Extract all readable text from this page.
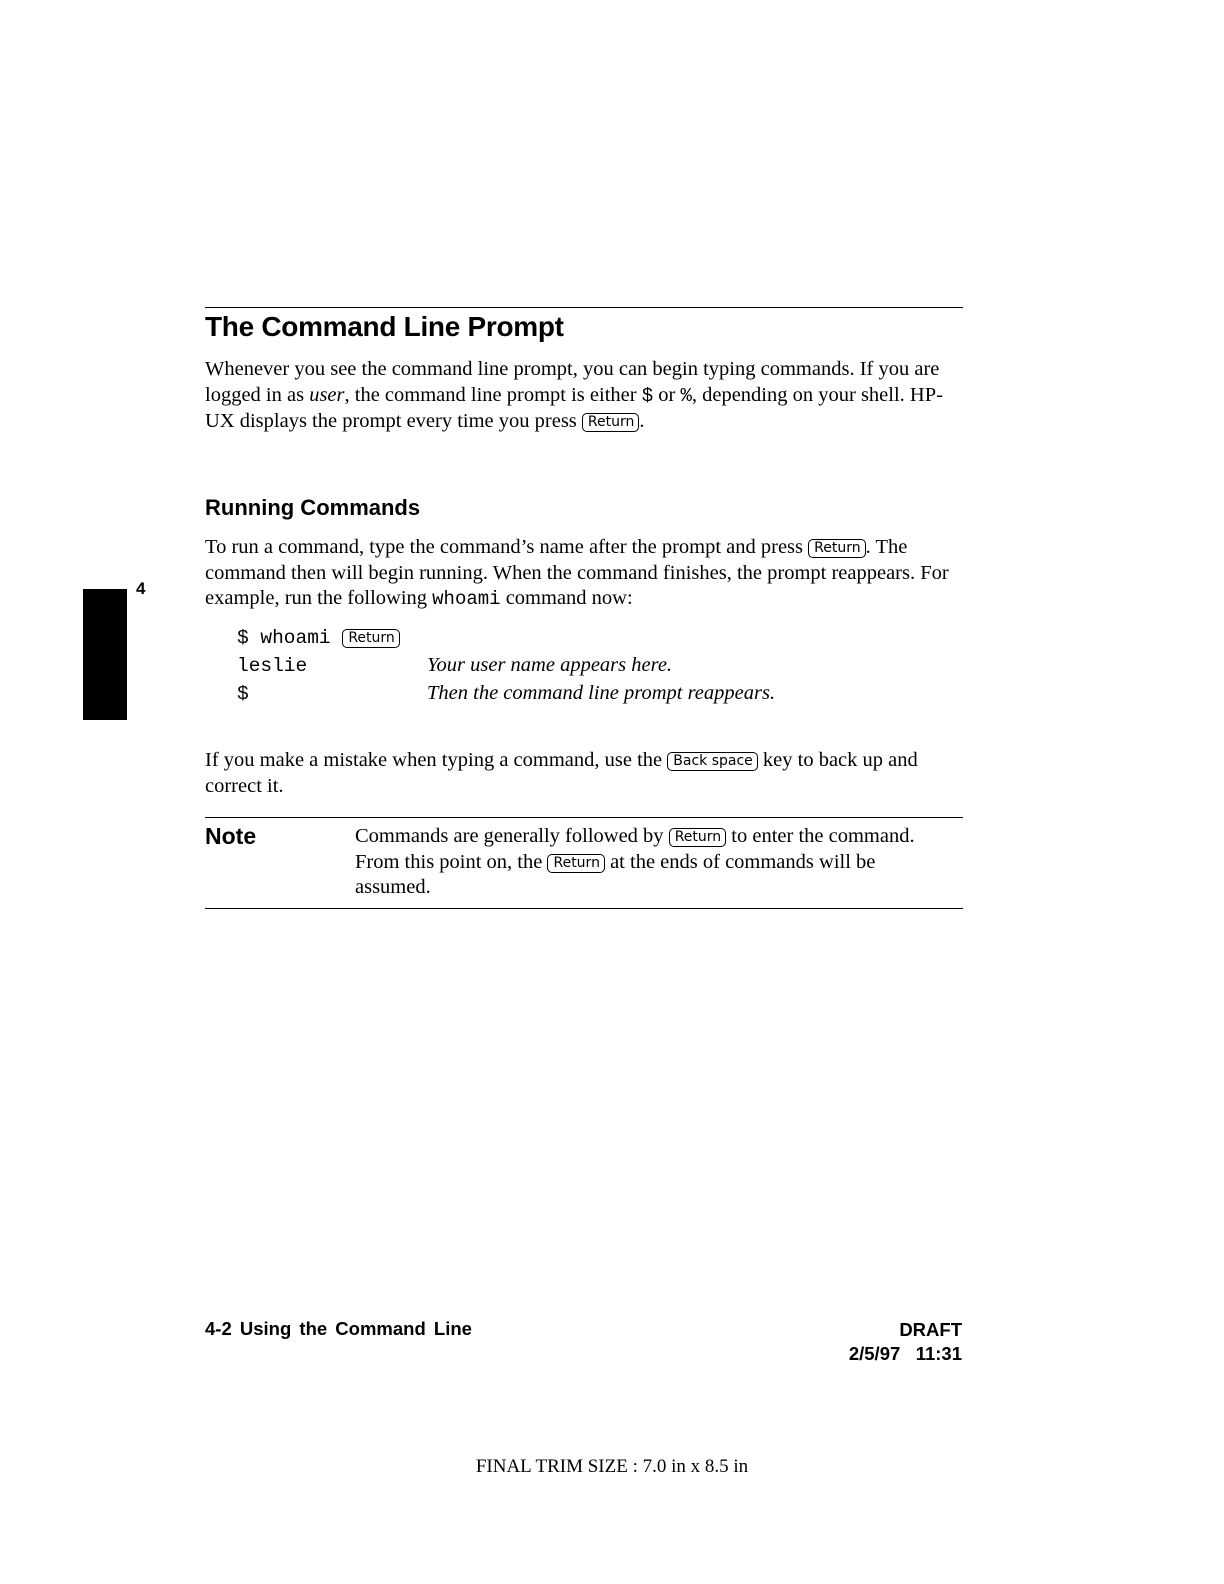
The Command Line Prompt
Whenever you see the command line prompt, you can begin typing commands. If you are logged in as user, the command line prompt is either $ or %, depending on your shell. HP-UX displays the prompt every time you press Return .
Running Commands
To run a command, type the command’s name after the prompt and press Return . The command then will begin running. When the command finishes, the prompt reappears. For example, run the following whoami command now:
$ whoami Return
leslie	Your user name appears here.
$	Then the command line prompt reappears.
If you make a mistake when typing a command, use the Back space key to back up and correct it.
Note	Commands are generally followed by Return to enter the command. From this point on, the Return at the ends of commands will be assumed.
4
4-2 Using the Command Line	DRAFT
2/5/97 11:31
FINAL TRIM SIZE : 7.0 in x 8.5 in
